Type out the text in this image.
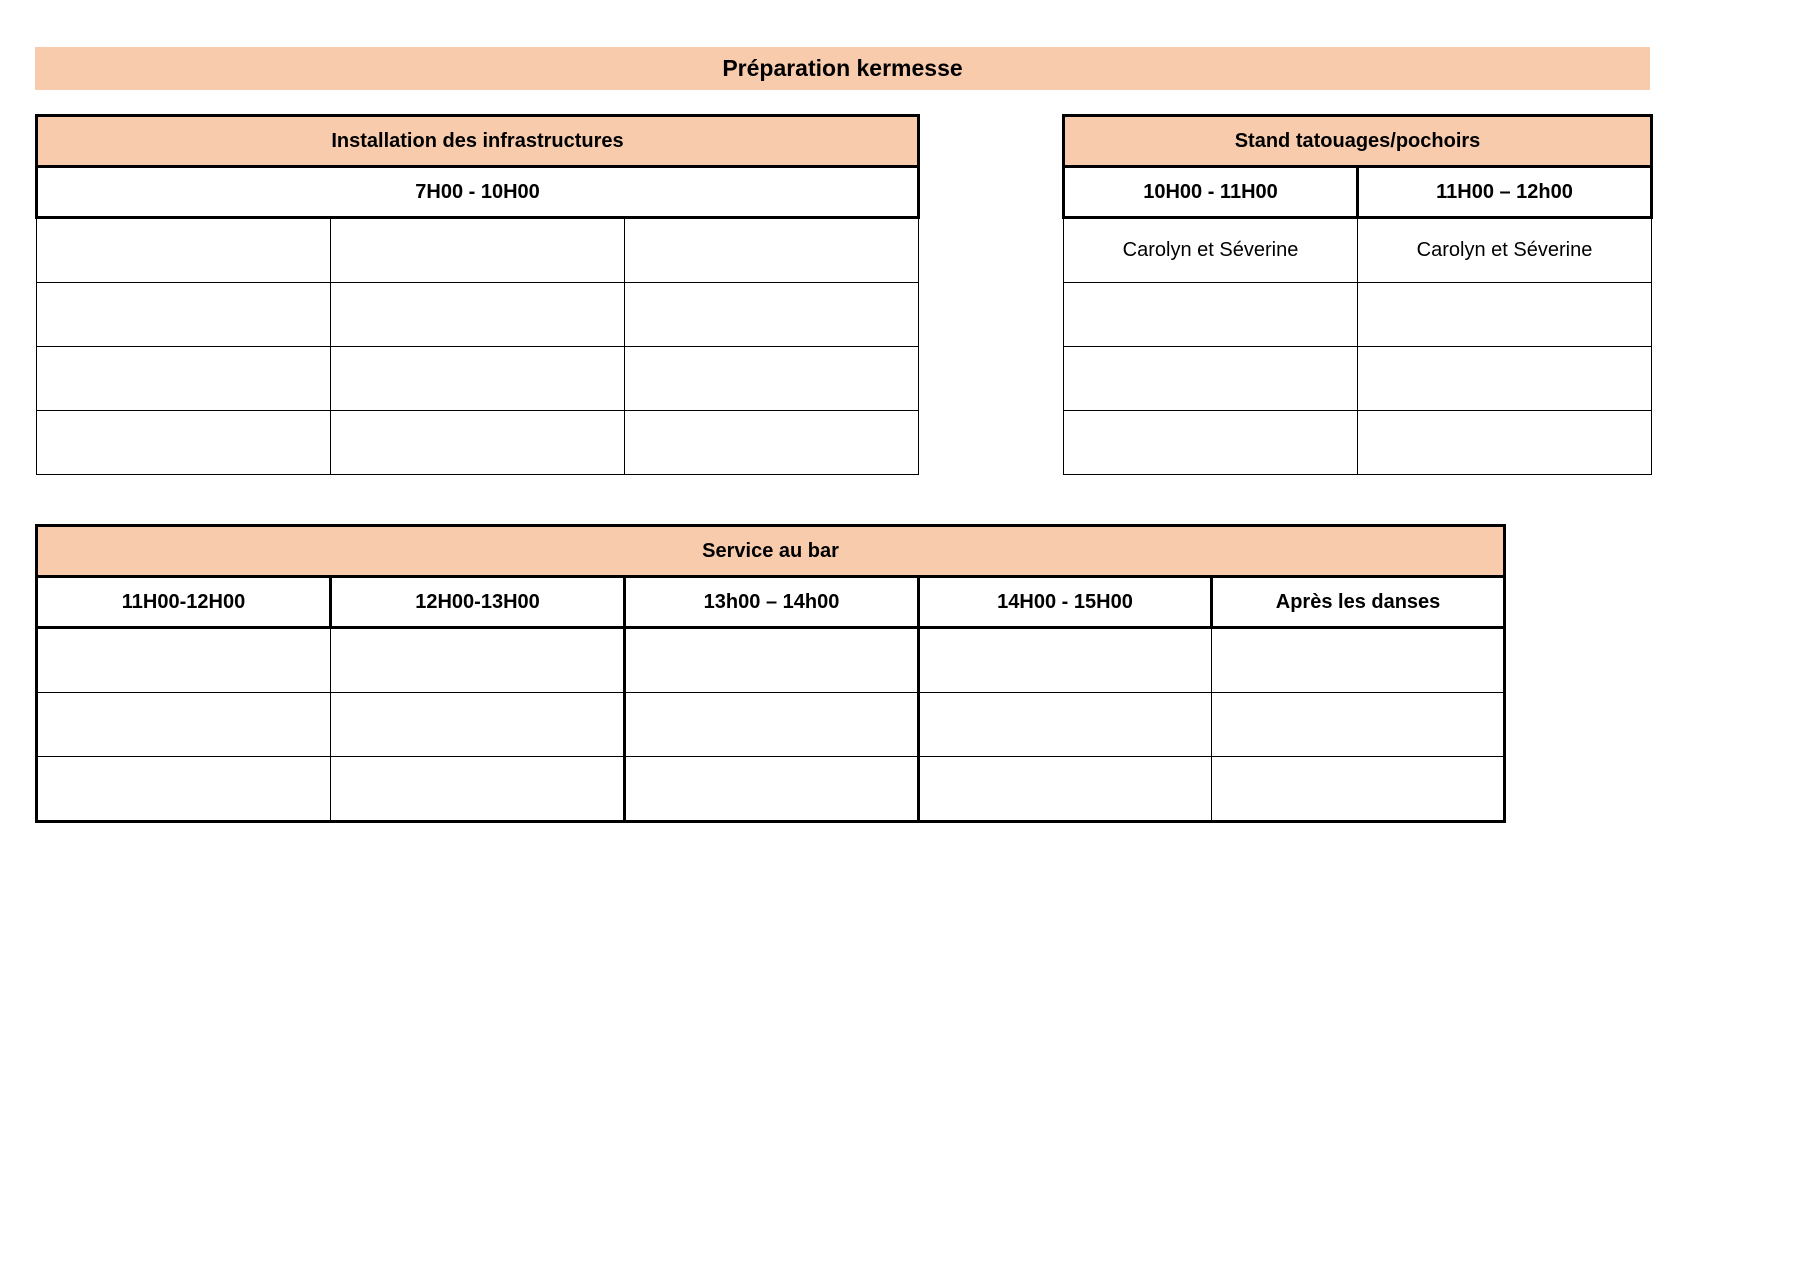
Préparation kermesse
Installation des infrastructures		
7H00 - 10H00		

Stand tatouages/pochoirs	
10H00 - 11H00	11H00 – 12h00
Carolyn et Séverine	Carolyn et Séverine

Service au bar				
11H00-12H00	12H00-13H00	13h00 – 14h00	14H00 - 15H00	Après les danses
